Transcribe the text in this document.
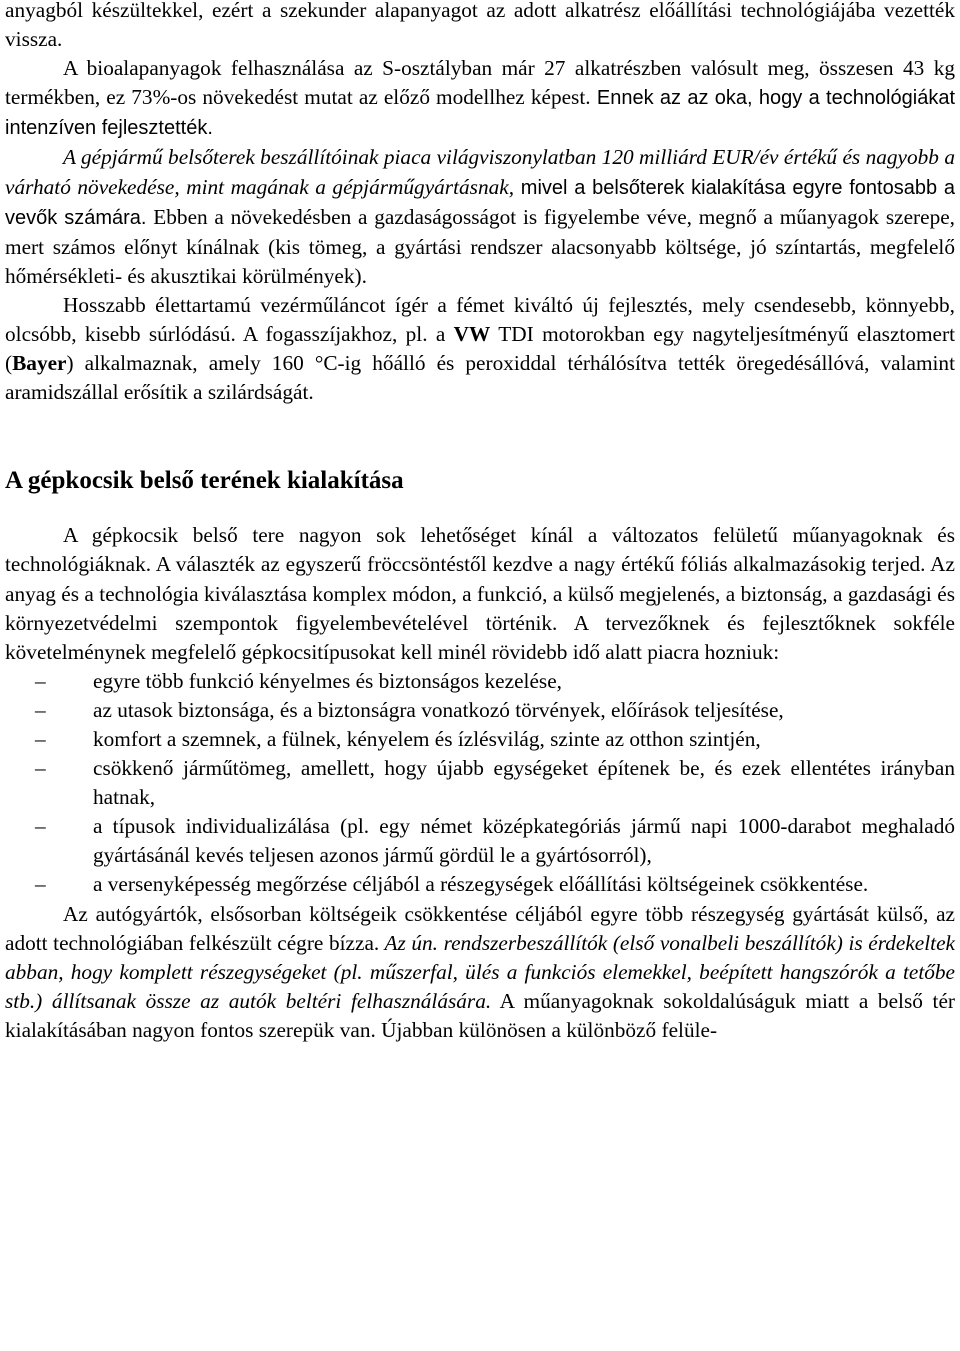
anyagból készültekkel, ezért a szekunder alapanyagot az adott alkatrész előállítási technológiájába vezették vissza.

A bioalapanyagok felhasználása az S-osztályban már 27 alkatrészben valósult meg, összesen 43 kg termékben, ez 73%-os növekedést mutat az előző modellhez képest. Ennek az az oka, hogy a technológiákat intenzíven fejlesztették.

A gépjármű belsőterek beszállítóinak piaca világviszonylatban 120 milliárd EUR/év értékű és nagyobb a várható növekedése, mint magának a gépjárműgyártásnak, mivel a belsőterek kialakítása egyre fontosabb a vevők számára. Ebben a növekedésben a gazdaságosságot is figyelembe véve, megnő a műanyagok szerepe, mert számos előnyt kínálnak (kis tömeg, a gyártási rendszer alacsonyabb költsége, jó színtartás, megfelelő hőmérsékleti- és akusztikai körülmények).

Hosszabb élettartamú vezérműláncot ígér a fémet kiváltó új fejlesztés, mely csendesebb, könnyebb, olcsóbb, kisebb súrlódású. A fogasszíjakhoz, pl. a VW TDI motorokban egy nagyteljesítményű elasztomert (Bayer) alkalmaznak, amely 160 °C-ig hőálló és peroxiddal térhálósítva tették öregedésállóvá, valamint aramidszállal erősítik a szilárdságát.

A gépkocsik belső terének kialakítása

A gépkocsik belső tere nagyon sok lehetőséget kínál a változatos felületű műanyagoknak és technológiáknak. A választék az egyszerű fröccsöntéstől kezdve a nagy értékű fóliás alkalmazásokig terjed. Az anyag és a technológia kiválasztása komplex módon, a funkció, a külső megjelenés, a biztonság, a gazdasági és környezetvédelmi szempontok figyelembevételével történik. A tervezőknek és fejlesztőknek sokféle követelménynek megfelelő gépkocsitípusokat kell minél rövidebb idő alatt piacra hozniuk:

– egyre több funkció kényelmes és biztonságos kezelése,
– az utasok biztonsága, és a biztonságra vonatkozó törvények, előírások teljesítése,
– komfort a szemnek, a fülnek, kényelem és ízlésvilág, szinte az otthon szintjén,
– csökkenő járműtömeg, amellett, hogy újabb egységeket építenek be, és ezek ellentétes irányban hatnak,
– a típusok individualizálása (pl. egy német középkategóriás jármű napi 1000-darabot meghaladó gyártásánál kevés teljesen azonos jármű gördül le a gyártósorról),
– a versenyképesség megőrzése céljából a részegységek előállítási költségeinek csökkentése.

Az autógyártók, elsősorban költségeik csökkentése céljából egyre több részegység gyártását külső, az adott technológiában felkészült cégre bízza. Az ún. rendszerbeszállítók (első vonalbeli beszállítók) is érdekeltek abban, hogy komplett részegységeket (pl. műszerfal, ülés a funkciós elemekkel, beépített hangszórók a tetőbe stb.) állítsanak össze az autók beltéri felhasználására. A műanyagoknak sokoldalúságuk miatt a belső tér kialakításában nagyon fontos szerepük van. Újabban különösen a különböző felüle-
